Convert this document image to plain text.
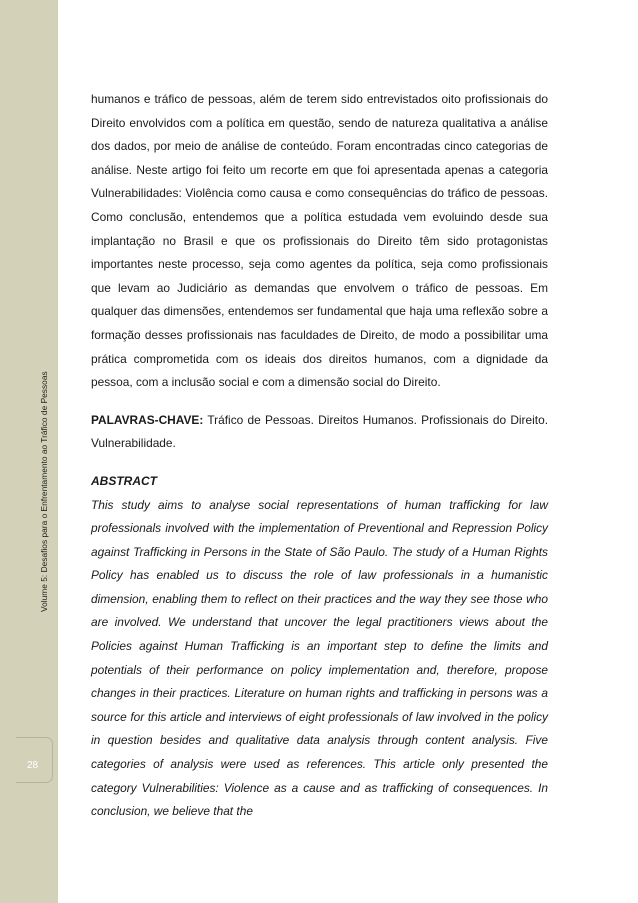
Volume 5: Desafios para o Enfrentamento ao Tráfico de Pessoas
28

humanos e tráfico de pessoas, além de terem sido entrevistados oito profissionais do Direito envolvidos com a política em questão, sendo de natureza qualitativa a análise dos dados, por meio de análise de conteúdo. Foram encontradas cinco categorias de análise. Neste artigo foi feito um recorte em que foi apresentada apenas a categoria Vulnerabilidades: Violência como causa e como consequências do tráfico de pessoas. Como conclusão, entendemos que a política estudada vem evoluindo desde sua implantação no Brasil e que os profissionais do Direito têm sido protagonistas importantes neste processo, seja como agentes da política, seja como profissionais que levam ao Judiciário as demandas que envolvem o tráfico de pessoas. Em qualquer das dimensões, entendemos ser fundamental que haja uma reflexão sobre a formação desses profissionais nas faculdades de Direito, de modo a possibilitar uma prática comprometida com os ideais dos direitos humanos, com a dignidade da pessoa, com a inclusão social e com a dimensão social do Direito.

PALAVRAS-CHAVE: Tráfico de Pessoas. Direitos Humanos. Profissionais do Direito. Vulnerabilidade.

ABSTRACT

This study aims to analyse social representations of human trafficking for law professionals involved with the implementation of Preventional and Repression Policy against Trafficking in Persons in the State of São Paulo. The study of a Human Rights Policy has enabled us to discuss the role of law professionals in a humanistic dimension, enabling them to reflect on their practices and the way they see those who are involved. We understand that uncover the legal practitioners views about the Policies against Human Trafficking is an important step to define the limits and potentials of their performance on policy implementation and, therefore, propose changes in their practices. Literature on human rights and trafficking in persons was a source for this article and interviews of eight professionals of law involved in the policy in question besides and qualitative data analysis through content analysis. Five categories of analysis were used as references. This article only presented the category Vulnerabilities: Violence as a cause and as trafficking of consequences. In conclusion, we believe that the
